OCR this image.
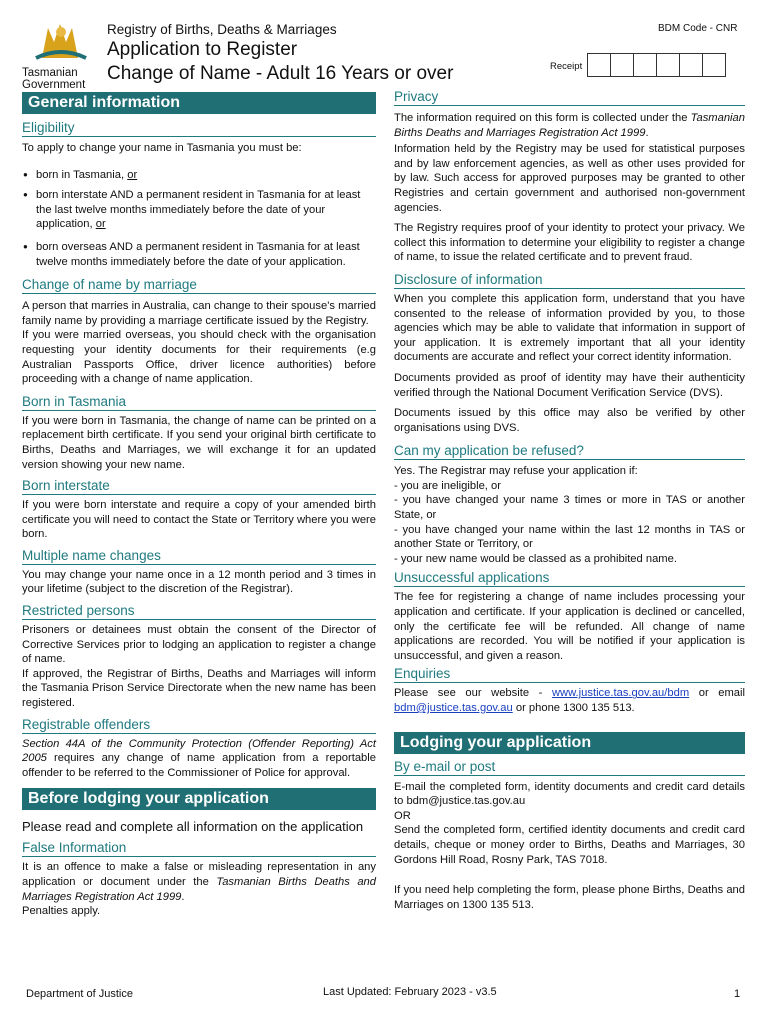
Tasmanian
Government
Registry of Births, Deaths & Marriages
Application to Register
Change of Name - Adult 16 Years or over
BDM Code - CNR
Receipt
General information
Eligibility

To apply to change your name in Tasmania you must be:

● born in Tasmania, or
● born interstate AND a permanent resident in Tasmania for at least the last twelve months immediately before the date of your application, or
● born overseas AND a permanent resident in Tasmania for at least twelve months immediately before the date of your application.
Change of name by marriage

A person that marries in Australia, can change to their spouse's married family name by providing a marriage certificate issued by the Registry.

If you were married overseas, you should check with the organisation requesting your identity documents for their requirements (e.g Australian Passports Office, driver licence authorities) before proceeding with a change of name application.

Born in Tasmania

If you were born in Tasmania, the change of name can be printed on a replacement birth certificate. If you send your original birth certificate to Births, Deaths and Marriages, we will exchange it for an updated version showing your new name.

Born interstate

If you were born interstate and require a copy of your amended birth certificate you will need to contact the State or Territory where you were born.

Multiple name changes

You may change your name once in a 12 month period and 3 times in your lifetime (subject to the discretion of the Registrar).

Restricted persons

Prisoners or detainees must obtain the consent of the Director of Corrective Services prior to lodging an application to register a change of name.

If approved, the Registrar of Births, Deaths and Marriages will inform the Tasmania Prison Service Directorate when the new name has been registered.

Registrable offenders

Section 44A of the Community Protection (Offender Reporting) Act 2005 requires any change of name application from a reportable offender to be referred to the Commissioner of Police for approval.

Before lodging your application

Please read and complete all information on the application

False Information

It is an offence to make a false or misleading representation in any application or document under the Tasmanian Births Deaths and Marriages Registration Act 1999.

Penalties apply.

Privacy

The information required on this form is collected under the Tasmanian Births Deaths and Marriages Registration Act 1999.

Information held by the Registry may be used for statistical purposes and by law enforcement agencies, as well as other uses provided for by law. Such access for approved purposes may be granted to other Registries and certain government and authorised non-government agencies.

The Registry requires proof of your identity to protect your privacy. We collect this information to determine your eligibility to register a change of name, to issue the related certificate and to prevent fraud.

Disclosure of information

When you complete this application form, understand that you have consented to the release of information provided by you, to those agencies which may be able to validate that information in support of your application. It is extremely important that all your identity documents are accurate and reflect your correct identity information.

Documents provided as proof of identity may have their authenticity verified through the National Document Verification Service (DVS).

Documents issued by this office may also be verified by other organisations using DVS.

Can my application be refused?

Yes. The Registrar may refuse your application if:

- you are ineligible, or

- you have changed your name 3 times or more in TAS or another State, or

- you have changed your name within the last 12 months in TAS or another State or Territory, or

- your new name would be classed as a prohibited name.

Unsuccessful applications

The fee for registering a change of name includes processing your application and certificate. If your application is declined or cancelled, only the certificate fee will be refunded. All change of name applications are recorded. You will be notified if your application is unsuccessful, and given a reason.

Enquiries

Please see our website - www.justice.tas.gov.au/bdm or email bdm@justice.tas.gov.au or phone 1300 135 513.

Lodging your application
By e-mail or post

E-mail the completed form, identity documents and credit card details to bdm@justice.tas.gov.au

OR

Send the completed form, certified identity documents and credit card details, cheque or money order to Births, Deaths and Marriages, 30 Gordons Hill Road, Rosny Park, TAS 7018.

If you need help completing the form, please phone Births, Deaths and Marriages on 1300 135 513.

Department of Justice	Last Updated: February 2023 - v3.5	1
